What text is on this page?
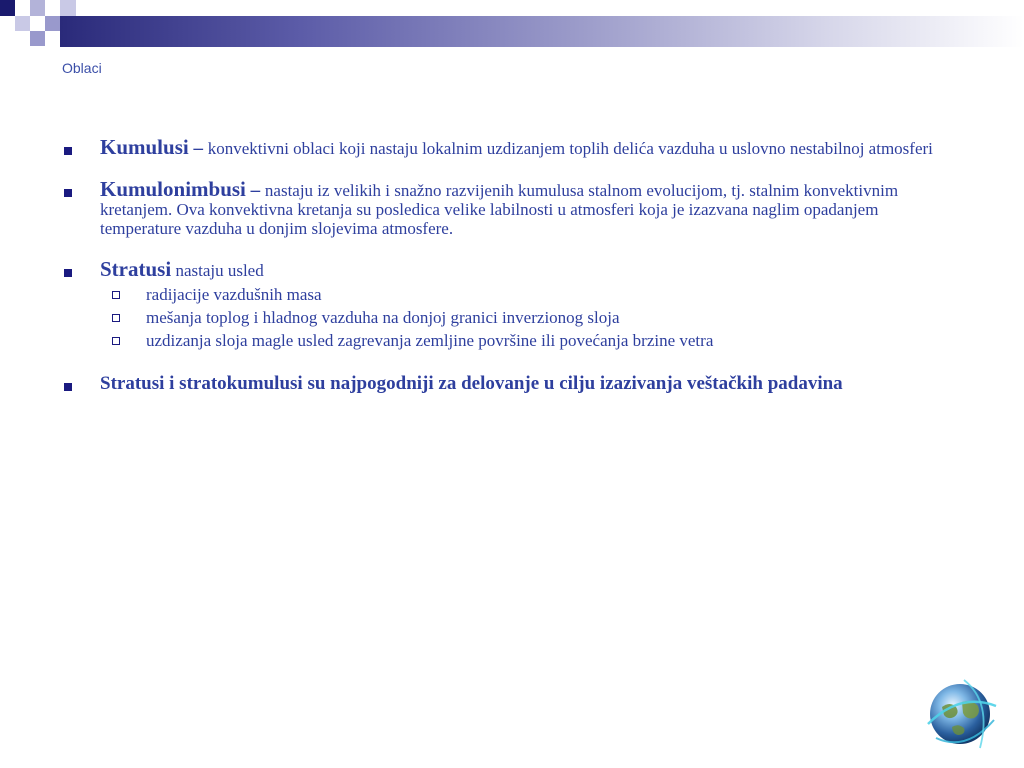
Oblaci
Kumulusi – konvektivni oblaci koji nastaju lokalnim uzdizanjem toplih delića vazduha u uslovno nestabilnoj atmosferi
Kumulonimbusi – nastaju iz velikih i snažno razvijenih kumulusa stalnom evolucijom, tj. stalnim konvektivnim kretanjem. Ova konvektivna kretanja su posledica velike labilnosti u atmosferi koja je izazvana naglim opadanjem temperature vazduha u donjim slojevima atmosfere.
Stratusi nastaju usled
radijacije vazdušnih masa
mešanja toplog i hladnog vazduha na donjoj granici inverzionog sloja
uzdizanja sloja magle usled zagrevanja zemljine površine ili povećanja brzine vetra
Stratusi i stratokumulusi su najpogodniji za delovanje u cilju izazivanja veštačkih padavina
